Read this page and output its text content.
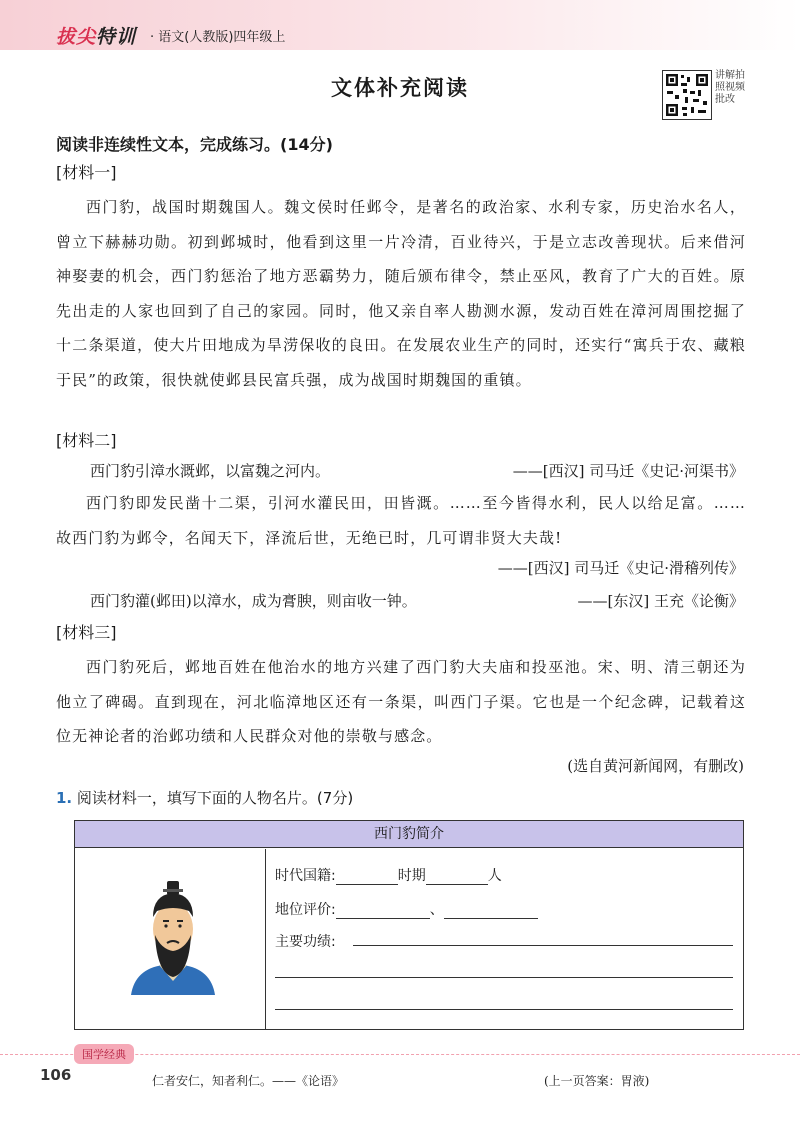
拔尖特训 · 语文(人教版)四年级上
文体补充阅读
讲解拍照视频批改
阅读非连续性文本，完成练习。(14分)
[材料一]
西门豹，战国时期魏国人。魏文侯时任邺令，是著名的政治家、水利专家，历史治水名人，曾立下赫赫功勋。初到邺城时，他看到这里一片冷清，百业待兴，于是立志改善现状。后来借河神娶妻的机会，西门豹惩治了地方恶霸势力，随后颁布律令，禁止巫风，教育了广大的百姓。原先出走的人家也回到了自己的家园。同时，他又亲自率人勘测水源，发动百姓在漳河周围挖掘了十二条渠道，使大片田地成为旱涝保收的良田。在发展农业生产的同时，还实行“寓兵于农、藏粮于民”的政策，很快就使邺县民富兵强，成为战国时期魏国的重镇。
[材料二]
西门豹引漳水溉邺，以富魏之河内。	——[西汉] 司马迁《史记·河渠书》
西门豹即发民凿十二渠，引河水灌民田，田皆溉。……至今皆得水利，民人以给足富。……故西门豹为邺令，名闻天下，泽流后世，无绝已时，几可谓非贤大夫哉!
——[西汉] 司马迁《史记·滑稽列传》
西门豹灌(邺田)以漳水，成为膏腴，则亩收一钟。	——[东汉] 王充《论衡》
[材料三]
西门豹死后，邺地百姓在他治水的地方兴建了西门豹大夫庙和投巫池。宋、明、清三朝还为他立了碑碣。直到现在，河北临漳地区还有一条渠，叫西门子渠。它也是一个纪念碑，记载着这位无神论者的治邺功绩和人民群众对他的崇敬与感念。
(选自黄河新闻网，有删改)
1. 阅读材料一，填写下面的人物名片。(7分)
西门豹简介
时代国籍:	时期	人
地位评价:	、
主要功绩:
国学经典
106	仁者安仁，知者利仁。——《论语》	(上一页答案：胃液)
